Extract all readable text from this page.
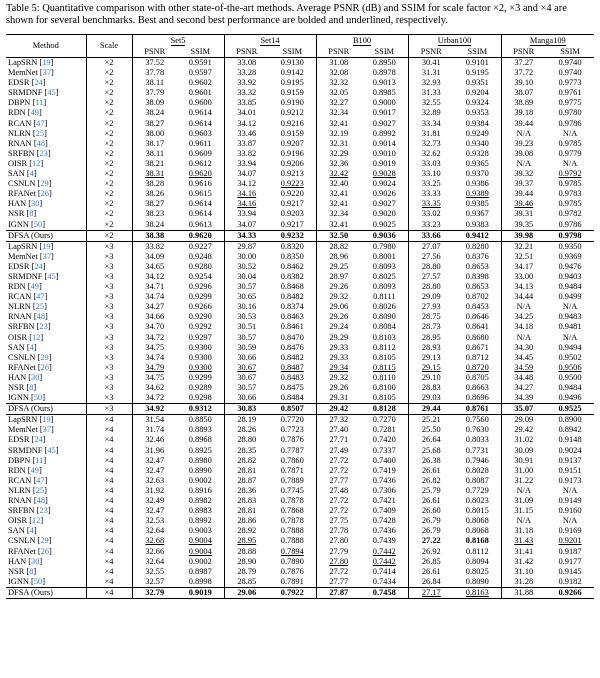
Table 5: Quantitative comparison with other state-of-the-art methods. Average PSNR (dB) and SSIM for scale factor ×2, ×3 and ×4 are shown for several benchmarks. Best and second best performance are bolded and underlined, respectively.
Method	Scale	Set5		Set14		B100		Urban100		Manga109	
		PSNR	SSIM	PSNR	SSIM	PSNR	SSIM	PSNR	SSIM	PSNR	SSIM
LapSRN [19]	×2	37.52	0.9591	33.08	0.9130	31.08	0.8950	30.41	0.9101	37.27	0.9740
MemNet [37]	×2	37.78	0.9597	33.28	0.9142	32.08	0.8978	31.31	0.9195	37.72	0.9740
EDSR [24]	×2	38.11	0.9602	33.92	0.9195	32.32	0.9013	32.93	0.9351	39.10	0.9773
SRMDNF [45]	×2	37.79	0.9601	33.32	0.9159	32.05	0.8985	31.33	0.9204	38.07	0.9761
DBPN [11]	×2	38.09	0.9600	33.85	0.9190	32.27	0.9000	32.55	0.9324	38.89	0.9775
RDN [49]	×2	38.24	0.9614	34.01	0.9212	32.34	0.9017	32.89	0.9353	39.18	0.9780
RCAN [47]	×2	38.27	0.9614	34.12	0.9216	32.41	0.9027	33.34	0.9384	39.44	0.9786
NLRN [25]	×2	38.00	0.9603	33.46	0.9159	32.19	0.8992	31.81	0.9249	N/A	N/A
RNAN [48]	×2	38.17	0.9611	33.87	0.9207	32.31	0.9014	32.73	0.9340	39.23	0.9785
SRFBN [23]	×2	38.11	0.9609	33.82	0.9196	32.29	0.9010	32.62	0.9328	39.08	0.9779
OISR [12]	×2	38.21	0.9612	33.94	0.9206	32.36	0.9019	33.03	0.9365	N/A	N/A
SAN [4]	×2	38.31	0.9620	34.07	0.9213	32.42	0.9028	33.10	0.9370	39.32	0.9792
CSNLN [29]	×2	38.28	0.9616	34.12	0.9223	32.40	0.9024	33.25	0.9386	39.37	0.9785
RFANet [26]	×2	38.26	0.9615	34.16	0.9220	32.41	0.9026	33.33	0.9389	39.44	0.9783
HAN [30]	×2	38.27	0.9614	34.16	0.9217	32.41	0.9027	33.35	0.9385	39.46	0.9785
NSR [8]	×2	38.23	0.9614	33.94	0.9203	32.34	0.9020	33.02	0.9367	39.31	0.9782
IGNN [50]	×2	38.24	0.9613	34.07	0.9217	32.41	0.9025	33.23	0.9383	39.35	0.9786
DFSA (Ours)	×2	38.38	0.9620	34.33	0.9232	32.50	0.9036	33.66	0.9412	39.98	0.9798
LapSRN [19]	×3	33.82	0.9227	29.87	0.8320	28.82	0.7980	27.07	0.8280	32.21	0.9350
MemNet [37]	×3	34.09	0.9248	30.00	0.8350	28.96	0.8001	27.56	0.8376	32.51	0.9369
EDSR [24]	×3	34.65	0.9280	30.52	0.8462	29.25	0.8093	28.80	0.8653	34.17	0.9476
SRMDNF [45]	×3	34.12	0.9254	30.04	0.8382	28.97	0.8025	27.57	0.8398	33.00	0.9403
RDN [49]	×3	34.71	0.9296	30.57	0.8468	29.26	0.8093	28.80	0.8653	34.13	0.9484
RCAN [47]	×3	34.74	0.9299	30.65	0.8482	29.32	0.8111	29.09	0.8702	34.44	0.9499
NLRN [25]	×3	34.27	0.9266	30.16	0.8374	29.06	0.8026	27.93	0.8453	N/A	N/A
RNAN [48]	×3	34.66	0.9290	30.53	0.8463	29.26	0.8090	28.75	0.8646	34.25	0.9483
SRFBN [23]	×3	34.70	0.9292	30.51	0.8461	29.24	0.8084	28.73	0.8641	34.18	0.9481
OISR [12]	×3	34.72	0.9297	30.57	0.8470	29.29	0.8103	28.95	0.8680	N/A	N/A
SAN [4]	×3	34.75	0.9300	30.59	0.8476	29.33	0.8112	28.93	0.8671	34.30	0.9494
CSNLN [29]	×3	34.74	0.9300	30.66	0.8482	29.33	0.8105	29.13	0.8712	34.45	0.9502
RFANet [26]	×3	34.79	0.9300	30.67	0.8487	29.34	0.8115	29.15	0.8720	34.59	0.9506
HAN [30]	×3	34.75	0.9299	30.67	0.8483	29.32	0.8110	29.10	0.8705	34.48	0.9500
NSR [8]	×3	34.62	0.9289	30.57	0.8475	29.26	0.8100	28.83	0.8663	34.27	0.9484
IGNN [50]	×3	34.72	0.9298	30.66	0.8484	29.31	0.8105	29.03	0.8696	34.39	0.9496
DFSA (Ours)	×3	34.92	0.9312	30.83	0.8507	29.42	0.8128	29.44	0.8761	35.07	0.9525
LapSRN [19]	×4	31.54	0.8850	28.19	0.7720	27.32	0.7270	25.21	0.7560	29.09	0.8900
MemNet [37]	×4	31.74	0.8893	28.26	0.7723	27.40	0.7281	25.50	0.7630	29.42	0.8942
EDSR [24]	×4	32.46	0.8968	28.80	0.7876	27.71	0.7420	26.64	0.8033	31.02	0.9148
SRMDNF [45]	×4	31.96	0.8925	28.35	0.7787	27.49	0.7337	25.68	0.7731	30.09	0.9024
DBPN [11]	×4	32.47	0.8980	28.82	0.7860	27.72	0.7400	26.38	0.7946	30.91	0.9137
RDN [49]	×4	32.47	0.8990	28.81	0.7871	27.72	0.7419	26.61	0.8028	31.00	0.9151
RCAN [47]	×4	32.63	0.9002	28.87	0.7889	27.77	0.7436	26.82	0.8087	31.22	0.9173
NLRN [25]	×4	31.92	0.8916	28.36	0.7745	27.48	0.7306	25.79	0.7729	N/A	N/A
RNAN [48]	×4	32.49	0.8982	28.83	0.7878	27.72	0.7421	26.61	0.8023	31.09	0.9149
SRFBN [23]	×4	32.47	0.8983	28.81	0.7868	27.72	0.7409	26.60	0.8015	31.15	0.9160
OISR [12]	×4	32.53	0.8992	28.86	0.7878	27.75	0.7428	26.79	0.8068	N/A	N/A
SAN [4]	×4	32.64	0.9003	28.92	0.7888	27.78	0.7436	26.79	0.8068	31.18	0.9169
CSNLN [29]	×4	32.68	0.9004	28.95	0.7888	27.80	0.7439	27.22	0.8168	31.43	0.9201
RFANet [26]	×4	32.66	0.9004	28.88	0.7894	27.79	0.7442	26.92	0.8112	31.41	0.9187
HAN [30]	×4	32.64	0.9002	28.90	0.7890	27.80	0.7442	26.85	0.8094	31.42	0.9177
NSR [8]	×4	32.55	0.8987	28.79	0.7876	27.72	0.7414	26.61	0.8025	31.10	0.9145
IGNN [50]	×4	32.57	0.8998	28.85	0.7891	27.77	0.7434	26.84	0.8090	31.28	0.9182
DFSA (Ours)	×4	32.79	0.9019	29.06	0.7922	27.87	0.7458	27.17	0.8163	31.88	0.9266
